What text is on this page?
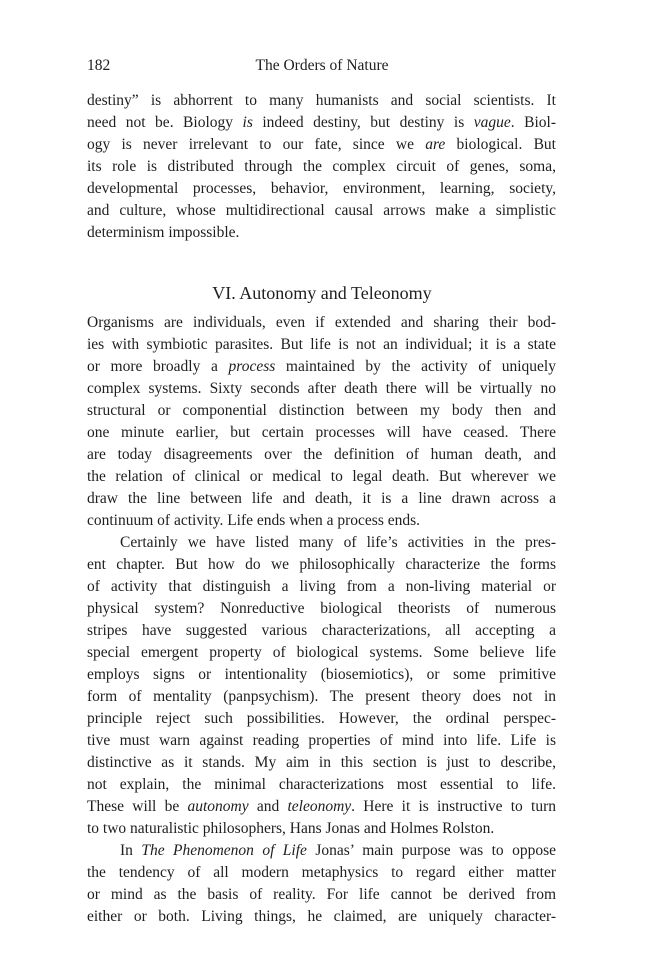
182	The Orders of Nature
destiny” is abhorrent to many humanists and social scientists. It
need not be. Biology is indeed destiny, but destiny is vague. Biol-
ogy is never irrelevant to our fate, since we are biological. But
its role is distributed through the complex circuit of genes, soma,
developmental processes, behavior, environment, learning, society,
and culture, whose multidirectional causal arrows make a simplistic
determinism impossible.
Organisms are individuals, even if extended and sharing their bod-
ies with symbiotic parasites. But life is not an individual; it is a state
or more broadly a process maintained by the activity of uniquely
complex systems. Sixty seconds after death there will be virtually no
structural or componential distinction between my body then and
one minute earlier, but certain processes will have ceased. There
are today disagreements over the definition of human death, and
the relation of clinical or medical to legal death. But wherever we
draw the line between life and death, it is a line drawn across a
continuum of activity. Life ends when a process ends.
Certainly we have listed many of life’s activities in the pres-
ent chapter. But how do we philosophically characterize the forms
of activity that distinguish a living from a non-living material or
physical system? Nonreductive biological theorists of numerous
stripes have suggested various characterizations, all accepting a
special emergent property of biological systems. Some believe life
employs signs or intentionality (biosemiotics), or some primitive
form of mentality (panpsychism). The present theory does not in
principle reject such possibilities. However, the ordinal perspec-
tive must warn against reading properties of mind into life. Life is
distinctive as it stands. My aim in this section is just to describe,
not explain, the minimal characterizations most essential to life.
These will be autonomy and teleonomy. Here it is instructive to turn
to two naturalistic philosophers, Hans Jonas and Holmes Rolston.
In The Phenomenon of Life Jonas’ main purpose was to oppose
the tendency of all modern metaphysics to regard either matter
or mind as the basis of reality. For life cannot be derived from
either or both. Living things, he claimed, are uniquely character-
VI. Autonomy and Teleonomy
